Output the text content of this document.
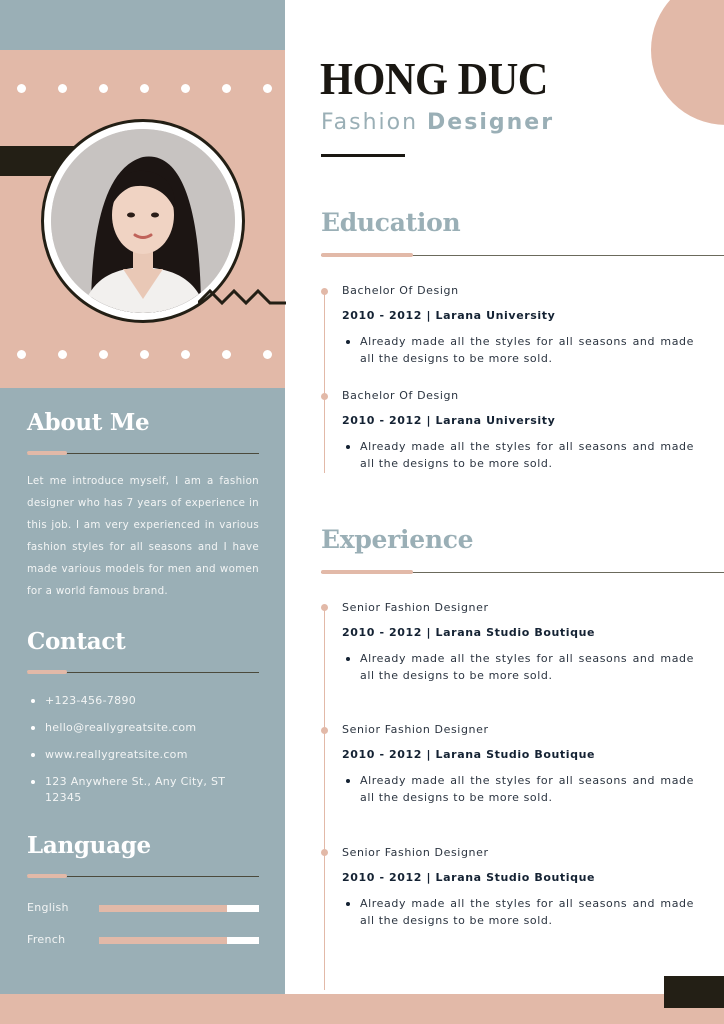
About Me

Let me introduce myself, I am a fashion designer who has 7 years of experience in this job. I am very experienced in various fashion styles for all seasons and I have made various models for men and women for a world famous brand.

Contact
+123-456-7890
hello@reallygreatsite.com
www.reallygreatsite.com
123 Anywhere St., Any City, ST 12345
Language
English
French
HONG DUC
Fashion Designer
Education
Bachelor Of Design
2010 - 2012 | Larana University
Already made all the styles for all seasons and made all the designs to be more sold.
Bachelor Of Design
2010 - 2012 | Larana University
Already made all the styles for all seasons and made all the designs to be more sold.
Experience
Senior Fashion Designer
2010 - 2012 | Larana Studio Boutique
Already made all the styles for all seasons and made all the designs to be more sold.
Senior Fashion Designer
2010 - 2012 | Larana Studio Boutique
Already made all the styles for all seasons and made all the designs to be more sold.
Senior Fashion Designer
2010 - 2012 | Larana Studio Boutique
Already made all the styles for all seasons and made all the designs to be more sold.
